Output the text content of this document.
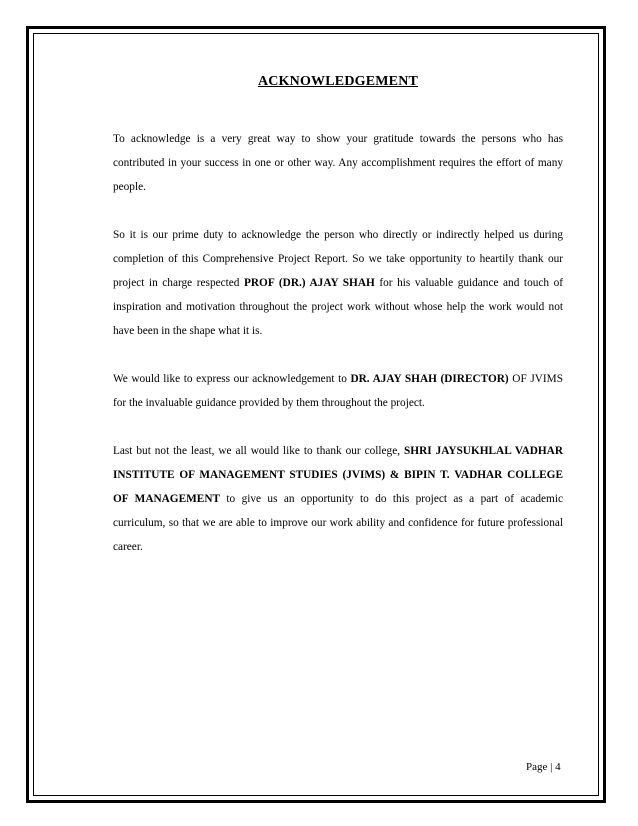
ACKNOWLEDGEMENT

To acknowledge is a very great way to show your gratitude towards the persons who has contributed in your success in one or other way. Any accomplishment requires the effort of many people.

So it is our prime duty to acknowledge the person who directly or indirectly helped us during completion of this Comprehensive Project Report. So we take opportunity to heartily thank our project in charge respected PROF (DR.) AJAY SHAH for his valuable guidance and touch of inspiration and motivation throughout the project work without whose help the work would not have been in the shape what it is.

We would like to express our acknowledgement to DR. AJAY SHAH (DIRECTOR) OF JVIMS for the invaluable guidance provided by them throughout the project.

Last but not the least, we all would like to thank our college, SHRI JAYSUKHLAL VADHAR INSTITUTE OF MANAGEMENT STUDIES (JVIMS) & BIPIN T. VADHAR COLLEGE OF MANAGEMENT to give us an opportunity to do this project as a part of academic curriculum, so that we are able to improve our work ability and confidence for future professional career.

Page | 4
